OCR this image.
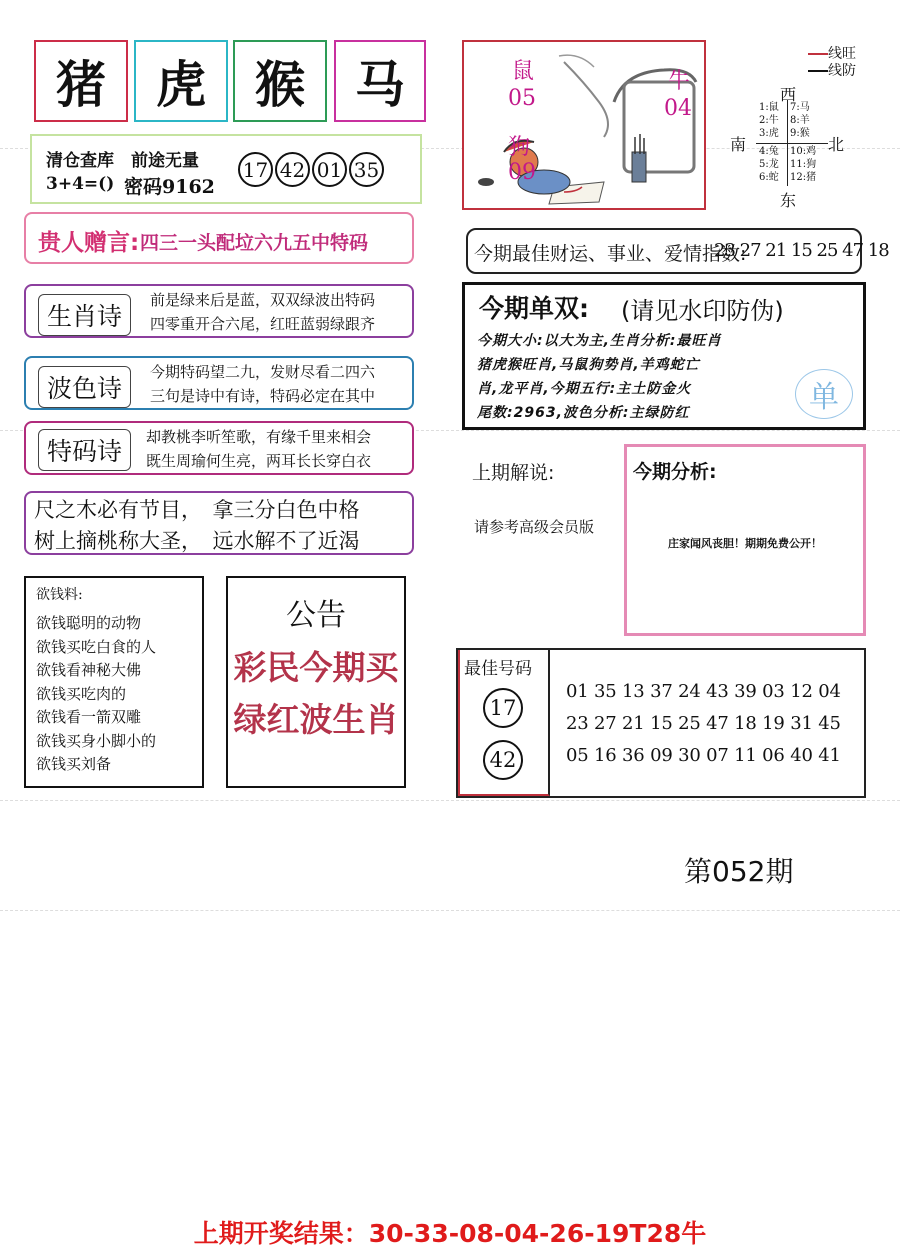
猪	虎 猴	马
清仓查库　前途无量
3+4=() 密码9162
17 42 01 35
贵人赠言: 四三一头配垃六九五中特码
生肖诗
前是绿来后是蓝，双双绿波出特码
四零重开合六尾，红旺蓝弱绿跟齐
波色诗
今期特码望二九，发财尽看二四六
三句是诗中有诗，特码必定在其中
特码诗	却教桃李听笙歌，有缘千里来相会
既生周瑜何生亮，两耳长长穿白衣
尺之木必有节目，　拿三分白色中格
树上摘桃称大圣，　远水解不了近渴
欲钱料:
欲钱聪明的动物
欲钱买吃白食的人
欲钱看神秘大佛
欲钱买吃肉的
欲钱看一箭双雕
欲钱买身小脚小的
欲钱买刘备
公告
彩民今期买
绿红波生肖
鼠
05
牛
04
狗
09
线旺
线防
西
南	北
东
1:鼠
2:牛
3:虎
4:兔
5:龙
6:蛇
7:马
8:羊
9:猴
10:鸡
11:狗
12:猪
今期最佳财运、事业、爱情指数:
23 27 21 15 25 47 18
今期单双: (请见水印防伪)
今期大小:以大为主,生肖分析:最旺肖
猪虎猴旺肖,马鼠狗势肖,羊鸡蛇亡
肖,龙平肖,今期五行:主土防金火
尾数:2963,波色分析:主绿防红	单
上期解说:
请参考高级会员版
今期分析:
庄家闻风丧胆！期期免费公开！
最佳号码
17
42
01 35 13 37 24 43 39 03 12 04
23 27 21 15 25 47 18 19 31 45
05 16 36 09 30 07 11 06 40 41
第052期
上期开奖结果：30-33-08-04-26-19T28牛
